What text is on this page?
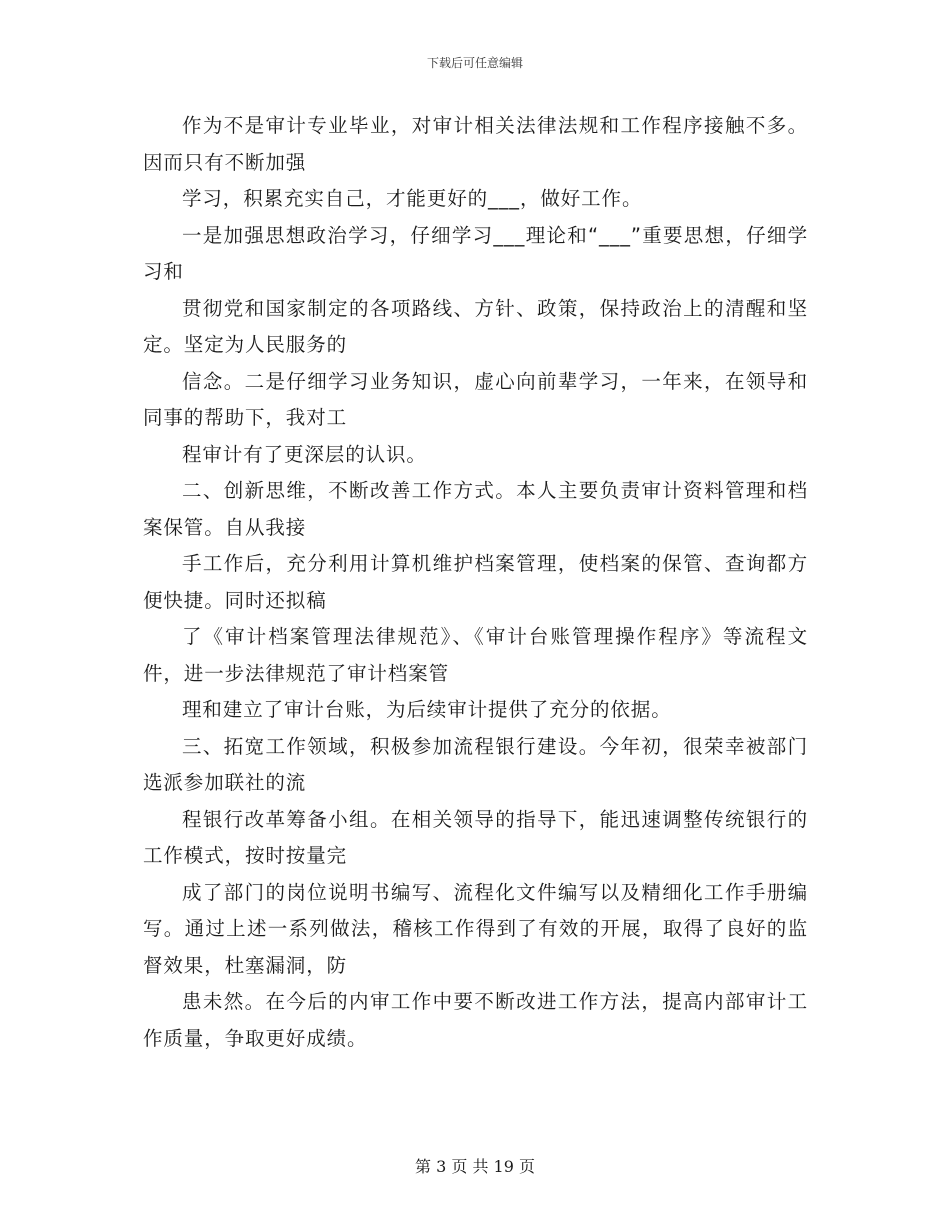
下载后可任意编辑

作为不是审计专业毕业，对审计相关法律法规和工作程序接触不多。因而只有不断加强

学习，积累充实自己，才能更好的___，做好工作。

一是加强思想政治学习，仔细学习___理论和“___”重要思想，仔细学习和

贯彻党和国家制定的各项路线、方针、政策，保持政治上的清醒和坚定。坚定为人民服务的

信念。二是仔细学习业务知识，虚心向前辈学习，一年来，在领导和同事的帮助下，我对工

程审计有了更深层的认识。

二、创新思维，不断改善工作方式。本人主要负责审计资料管理和档案保管。自从我接

手工作后，充分利用计算机维护档案管理，使档案的保管、查询都方便快捷。同时还拟稿

了《审计档案管理法律规范》、《审计台账管理操作程序》等流程文件，进一步法律规范了审计档案管

理和建立了审计台账，为后续审计提供了充分的依据。

三、拓宽工作领域，积极参加流程银行建设。今年初，很荣幸被部门选派参加联社的流

程银行改革筹备小组。在相关领导的指导下，能迅速调整传统银行的工作模式，按时按量完

成了部门的岗位说明书编写、流程化文件编写以及精细化工作手册编写。通过上述一系列做法，稽核工作得到了有效的开展，取得了良好的监督效果，杜塞漏洞，防

患未然。在今后的内审工作中要不断改进工作方法，提高内部审计工作质量，争取更好成绩。

第 3 页 共 19 页
